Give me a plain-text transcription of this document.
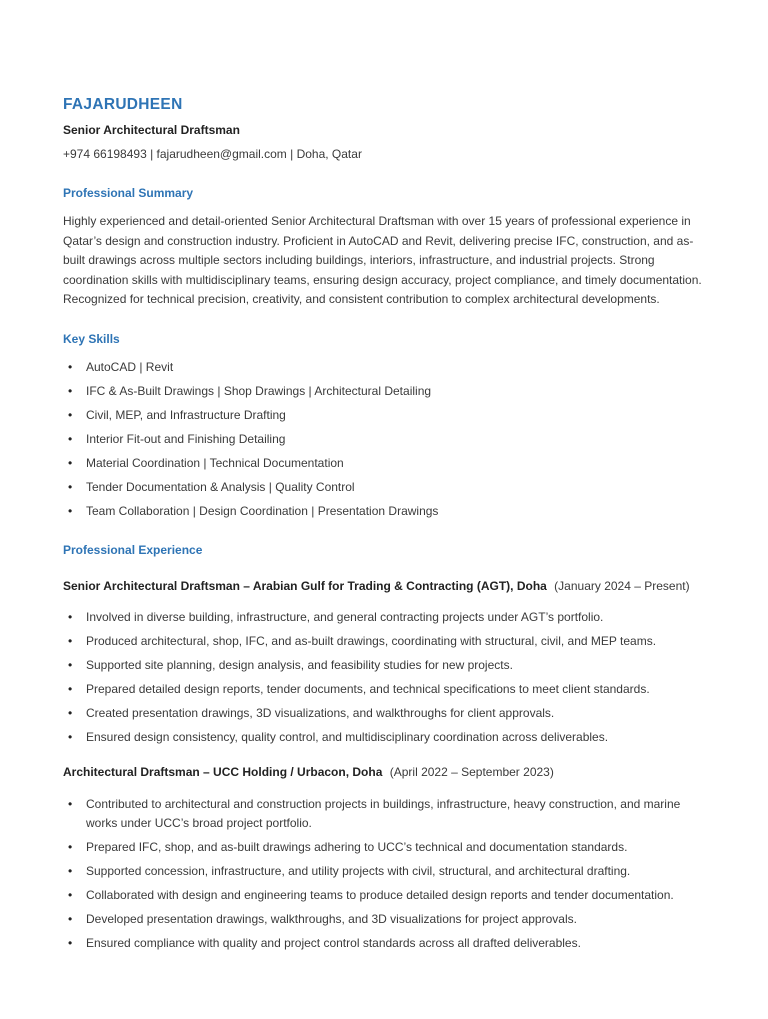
FAJARUDHEEN
Senior Architectural Draftsman
+974 66198493 | fajarudheen@gmail.com | Doha, Qatar
Professional Summary

Highly experienced and detail-oriented Senior Architectural Draftsman with over 15 years of professional experience in Qatar’s design and construction industry. Proficient in AutoCAD and Revit, delivering precise IFC, construction, and as-built drawings across multiple sectors including buildings, interiors, infrastructure, and industrial projects. Strong coordination skills with multidisciplinary teams, ensuring design accuracy, project compliance, and timely documentation. Recognized for technical precision, creativity, and consistent contribution to complex architectural developments.

Key Skills
• AutoCAD | Revit
• IFC & As-Built Drawings | Shop Drawings | Architectural Detailing
• Civil, MEP, and Infrastructure Drafting
• Interior Fit-out and Finishing Detailing
• Material Coordination | Technical Documentation
• Tender Documentation & Analysis | Quality Control
• Team Collaboration | Design Coordination | Presentation Drawings
Professional Experience

Senior Architectural Draftsman – Arabian Gulf for Trading & Contracting (AGT), Doha (January 2024 – Present)

• Involved in diverse building, infrastructure, and general contracting projects under AGT’s portfolio.
• Produced architectural, shop, IFC, and as-built drawings, coordinating with structural, civil, and MEP teams.
• Supported site planning, design analysis, and feasibility studies for new projects.
• Prepared detailed design reports, tender documents, and technical specifications to meet client standards.
• Created presentation drawings, 3D visualizations, and walkthroughs for client approvals.
• Ensured design consistency, quality control, and multidisciplinary coordination across deliverables.

Architectural Draftsman – UCC Holding / Urbacon, Doha (April 2022 – September 2023)

• Contributed to architectural and construction projects in buildings, infrastructure, heavy construction, and marine works under UCC’s broad project portfolio.
• Prepared IFC, shop, and as-built drawings adhering to UCC’s technical and documentation standards.
• Supported concession, infrastructure, and utility projects with civil, structural, and architectural drafting.
• Collaborated with design and engineering teams to produce detailed design reports and tender documentation.
• Developed presentation drawings, walkthroughs, and 3D visualizations for project approvals.
• Ensured compliance with quality and project control standards across all drafted deliverables.
